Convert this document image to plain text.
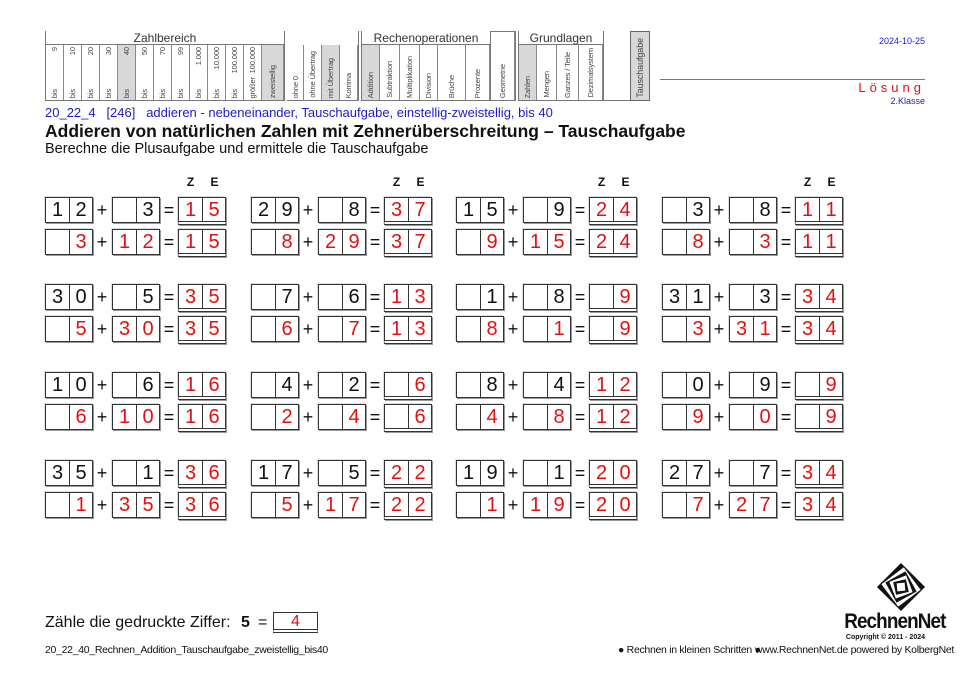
Zahlbereich
9
bis
10
bis
20
bis
30
bis
40
bis
50
bis
70
bis
99
bis
1.000
bis
10.000
bis
100.000
bis
100.000
größer zweistellig ohne 0 ohne Übertrag mit Übertrag Komma
Rechenoperationen
Addition Subtraktion Multiplikation Division Brüche Prozente Geometrie
Grundlagen
Zahlen Mengen Ganzes / Teile Dezimalsystem	Tauschaufgabe	2024-10-25
Lösung
2.Klasse
20_22_4   [246]   addieren - nebeneinander, Tauschaufgabe, einstellig-zweistellig, bis 40
Addieren von natürlichen Zahlen mit Zehnerüberschreitung – Tauschaufgabe
Berechne die Plusaufgabe und ermittele die Tauschaufgabe
Z	E
1 2 +	3 = 1 5
3 + 1 2 = 1 5
Z	E
2 9 +	8 = 3 7
8 + 2 9 = 3 7
Z	E
1 5 +	9 = 2 4
9 + 1 5 = 2 4
Z	E
3 +	8 = 1 1
8 +	3 = 1 1
3 0 +	5 = 3 5
5 + 3 0 = 3 5
7 +	6 = 1 3
6 +	7 = 1 3
1 +	8 =	9
8 +	1 =	9
3 1 +	3 = 3 4
3 + 3 1 = 3 4
1 0 +	6 = 1 6
6 + 1 0 = 1 6
4 +	2 =	6
2 +	4 =	6
8 +	4 = 1 2
4 +	8 = 1 2
0 +	9 =	9
9 +	0 =	9
3 5 +	1 = 3 6
1 + 3 5 = 3 6
1 7 +	5 = 2 2
5 + 1 7 = 2 2
1 9 +	1 = 2 0
1 + 1 9 = 2 0
2 7 +	7 = 3 4
7 + 2 7 = 3 4
Zähle die gedruckte Ziffer: 5 =	4	RechnenNet
Copyright © 2011 - 2024
20_22_40_Rechnen_Addition_Tauschaufgabe_zweistellig_bis40	● Rechnen in kleinen Schritten ●
www.RechnenNet.de powered by KolbergNet
